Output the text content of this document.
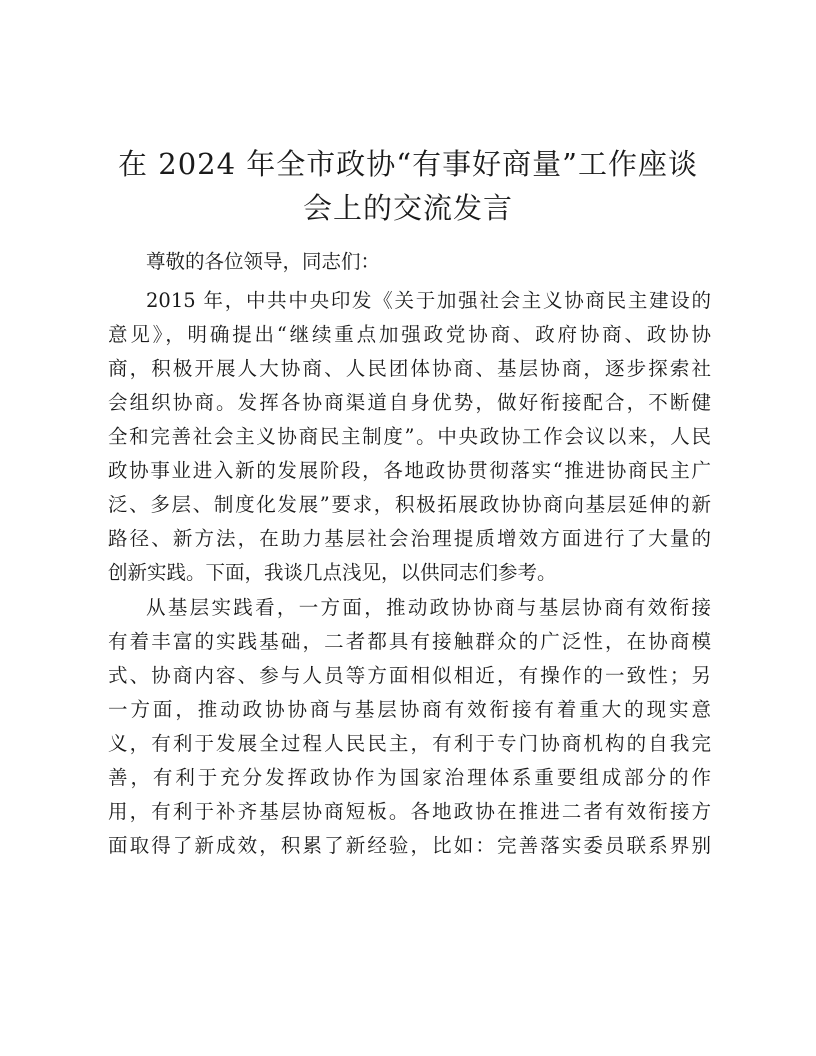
在 2024 年全市政协“有事好商量”工作座谈
会上的交流发言

尊敬的各位领导，同志们：

2015 年，中共中央印发《关于加强社会主义协商民主建设的

意见》，明确提出“继续重点加强政党协商、政府协商、政协协

商，积极开展人大协商、人民团体协商、基层协商，逐步探索社

会组织协商。发挥各协商渠道自身优势，做好衔接配合，不断健

全和完善社会主义协商民主制度”。中央政协工作会议以来，人民

政协事业进入新的发展阶段，各地政协贯彻落实“推进协商民主广

泛、多层、制度化发展”要求，积极拓展政协协商向基层延伸的新

路径、新方法，在助力基层社会治理提质增效方面进行了大量的

创新实践。下面，我谈几点浅见，以供同志们参考。

从基层实践看，一方面，推动政协协商与基层协商有效衔接

有着丰富的实践基础，二者都具有接触群众的广泛性，在协商模

式、协商内容、参与人员等方面相似相近，有操作的一致性；另

一方面，推动政协协商与基层协商有效衔接有着重大的现实意

义，有利于发展全过程人民民主，有利于专门协商机构的自我完

善，有利于充分发挥政协作为国家治理体系重要组成部分的作

用，有利于补齐基层协商短板。各地政协在推进二者有效衔接方

面取得了新成效，积累了新经验，比如：完善落实委员联系界别
